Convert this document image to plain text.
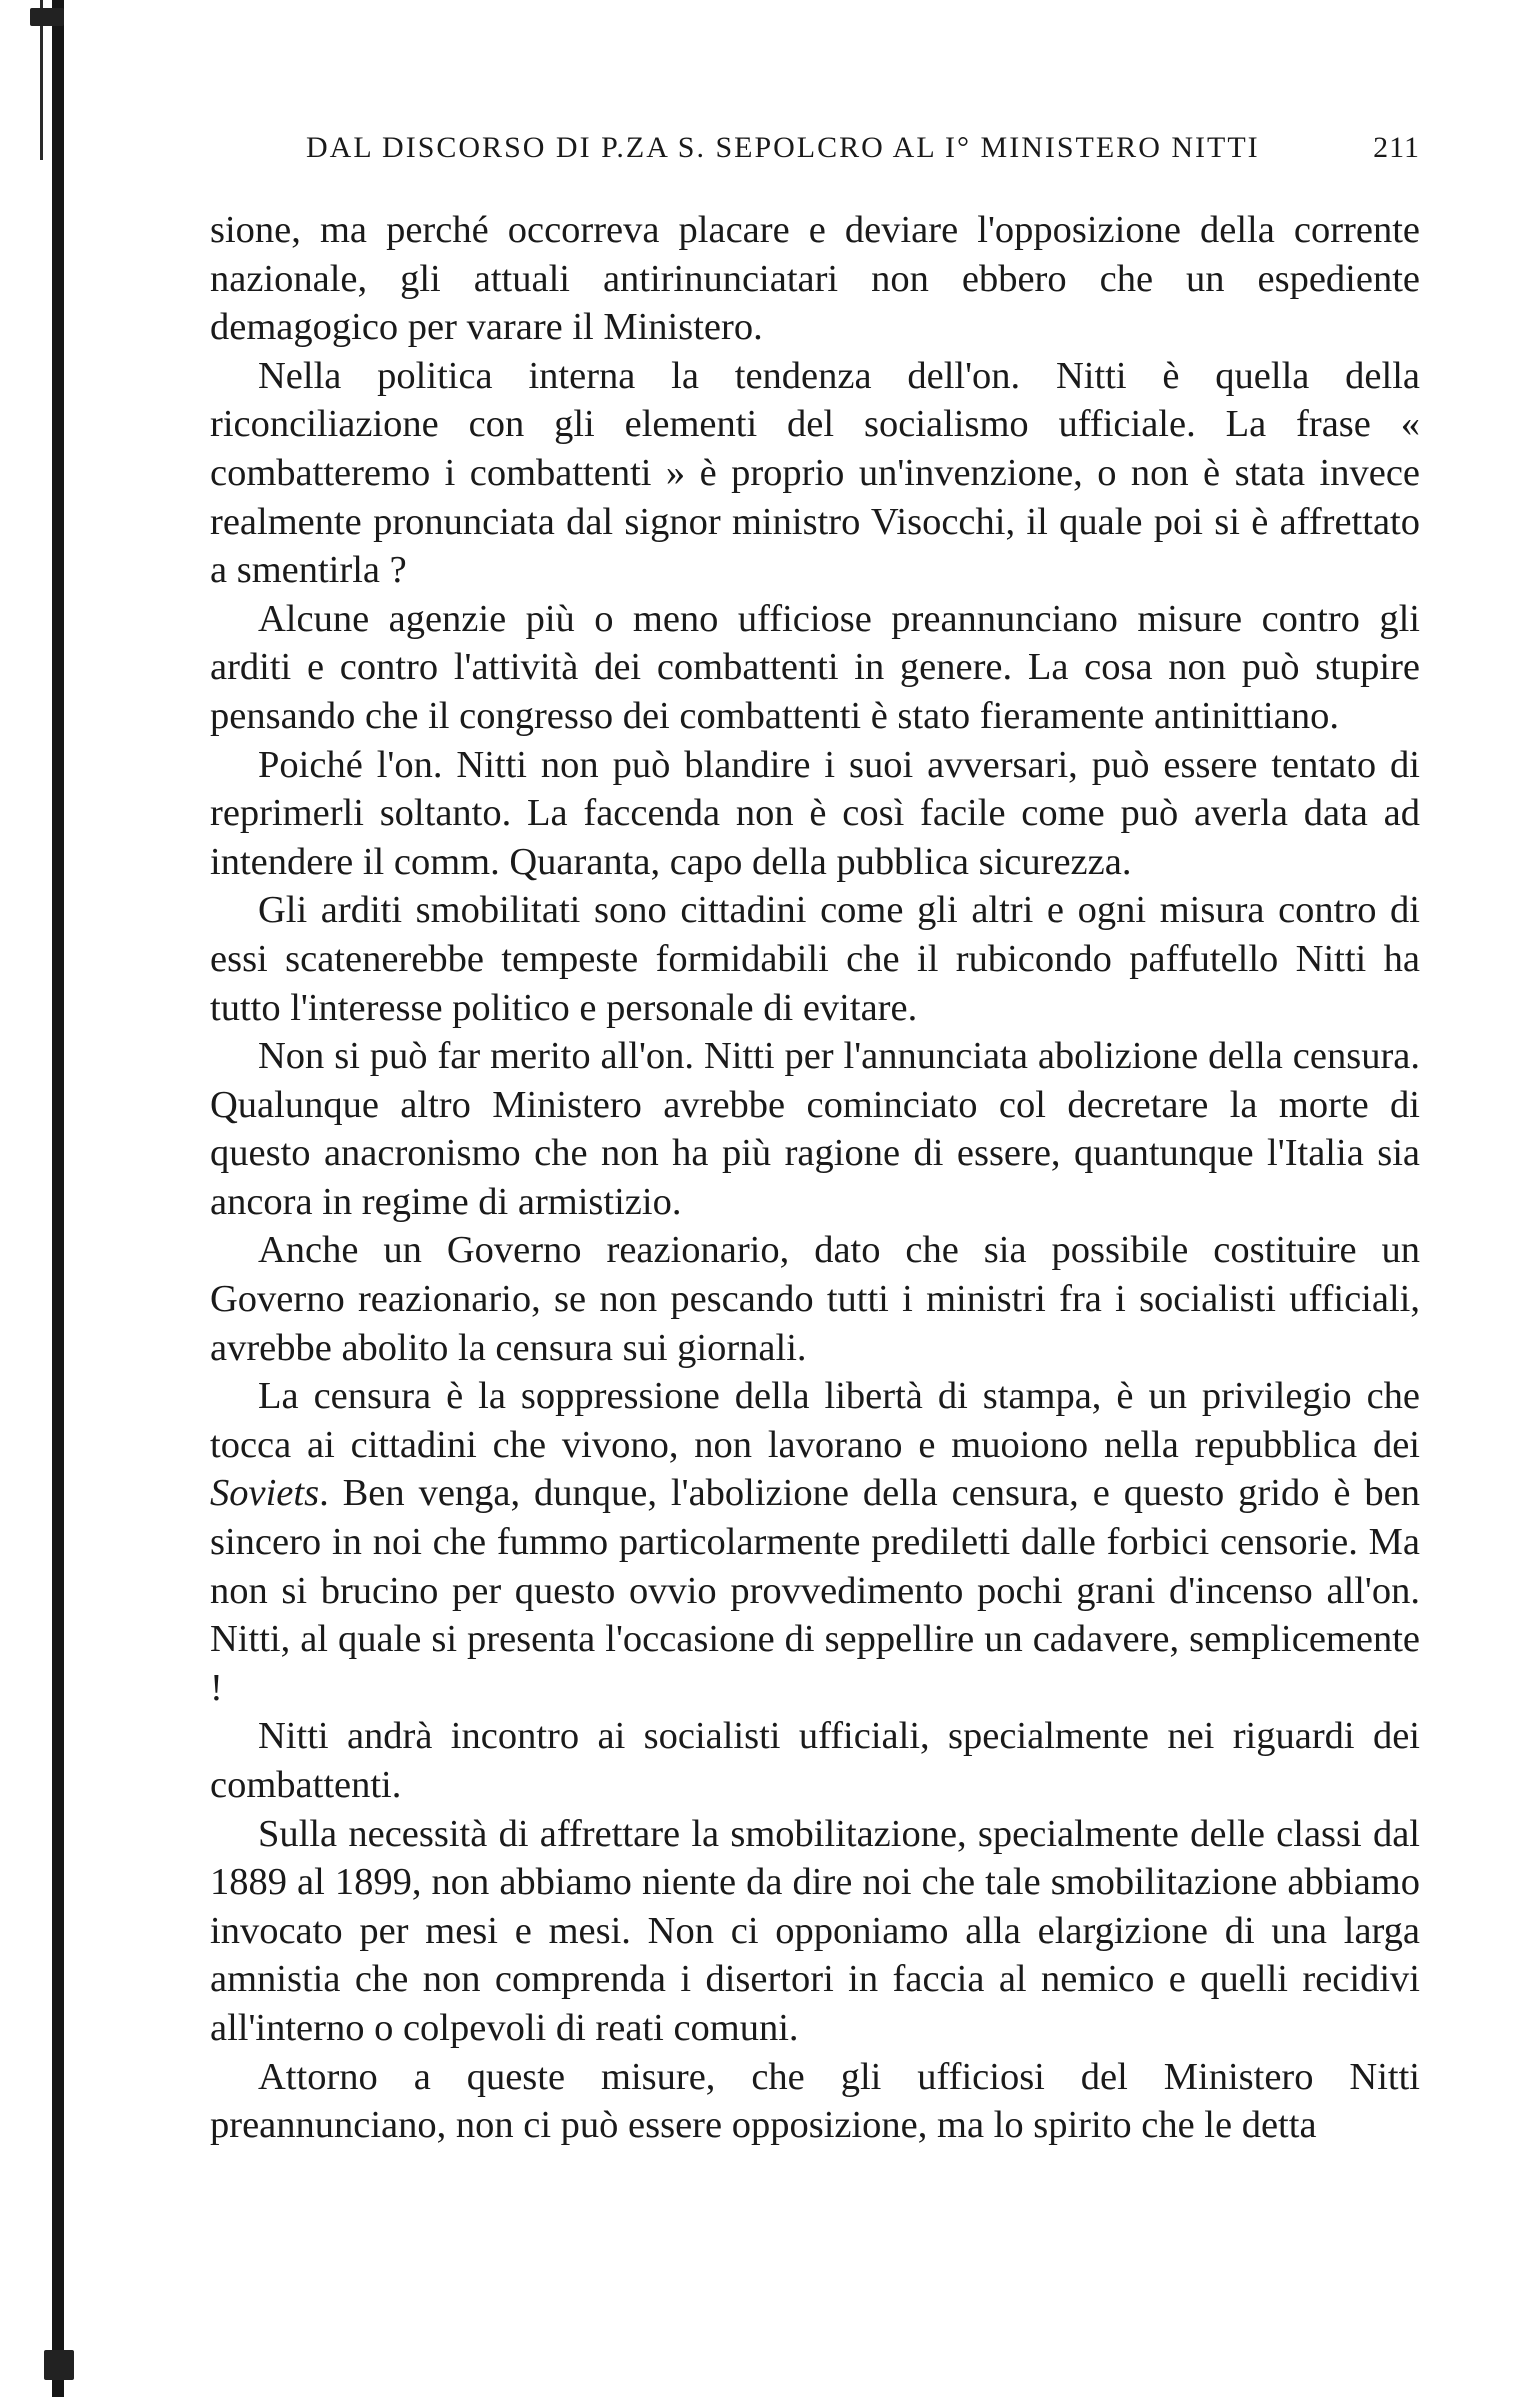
DAL DISCORSO DI P.ZA S. SEPOLCRO AL I° MINISTERO NITTI	211

sione, ma perché occorreva placare e deviare l'opposizione della corrente nazionale, gli attuali antirinunciatari non ebbero che un espediente demagogico per varare il Ministero.

Nella politica interna la tendenza dell'on. Nitti è quella della riconciliazione con gli elementi del socialismo ufficiale. La frase « combatteremo i combattenti » è proprio un'invenzione, o non è stata invece realmente pronunciata dal signor ministro Visocchi, il quale poi si è affrettato a smentirla ?

Alcune agenzie più o meno ufficiose preannunciano misure contro gli arditi e contro l'attività dei combattenti in genere. La cosa non può stupire pensando che il congresso dei combattenti è stato fieramente antinittiano.

Poiché l'on. Nitti non può blandire i suoi avversari, può essere tentato di reprimerli soltanto. La faccenda non è così facile come può averla data ad intendere il comm. Quaranta, capo della pubblica sicurezza.

Gli arditi smobilitati sono cittadini come gli altri e ogni misura contro di essi scatenerebbe tempeste formidabili che il rubicondo paffutello Nitti ha tutto l'interesse politico e personale di evitare.

Non si può far merito all'on. Nitti per l'annunciata abolizione della censura. Qualunque altro Ministero avrebbe cominciato col decretare la morte di questo anacronismo che non ha più ragione di essere, quantunque l'Italia sia ancora in regime di armistizio.

Anche un Governo reazionario, dato che sia possibile costituire un Governo reazionario, se non pescando tutti i ministri fra i socialisti ufficiali, avrebbe abolito la censura sui giornali.

La censura è la soppressione della libertà di stampa, è un privilegio che tocca ai cittadini che vivono, non lavorano e muoiono nella repubblica dei Soviets. Ben venga, dunque, l'abolizione della censura, e questo grido è ben sincero in noi che fummo particolarmente prediletti dalle forbici censorie. Ma non si brucino per questo ovvio provvedimento pochi grani d'incenso all'on. Nitti, al quale si presenta l'occasione di seppellire un cadavere, semplicemente !

Nitti andrà incontro ai socialisti ufficiali, specialmente nei riguardi dei combattenti.

Sulla necessità di affrettare la smobilitazione, specialmente delle classi dal 1889 al 1899, non abbiamo niente da dire noi che tale smobilitazione abbiamo invocato per mesi e mesi. Non ci opponiamo alla elargizione di una larga amnistia che non comprenda i disertori in faccia al nemico e quelli recidivi all'interno o colpevoli di reati comuni.

Attorno a queste misure, che gli ufficiosi del Ministero Nitti preannunciano, non ci può essere opposizione, ma lo spirito che le detta
